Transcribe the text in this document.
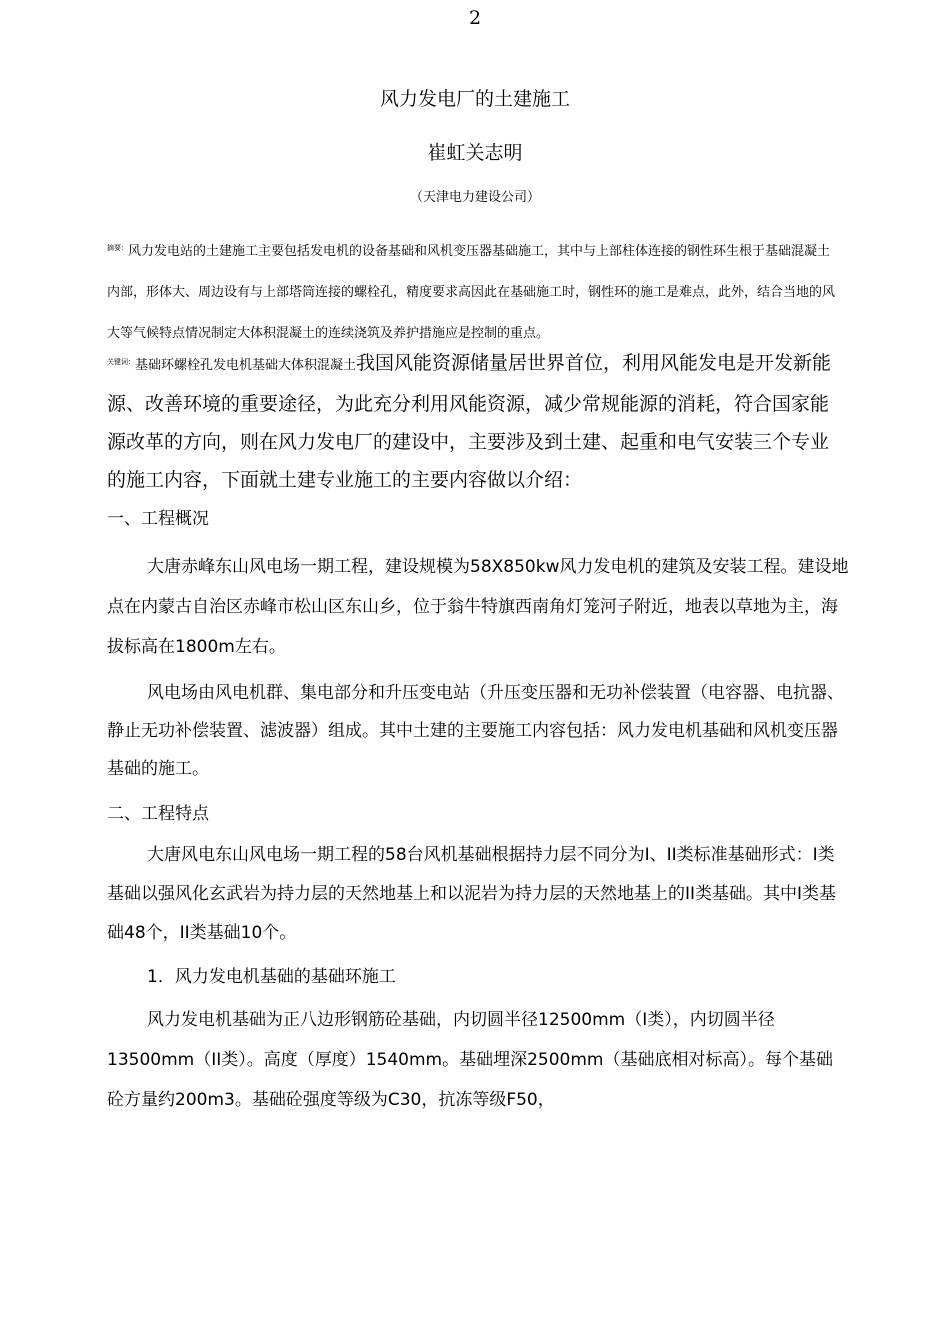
2
风力发电厂的土建施工
崔虹关志明
（天津电力建设公司）
$^{摘要:}$风力发电站的土建施工主要包括发电机的设备基础和风机变压器基础施工，其中与上部柱体连接的钢性环生根于基础混凝土内部，形体大、周边设有与上部塔筒连接的螺栓孔，精度要求高因此在基础施工时，钢性环的施工是难点，此外，结合当地的风大等气候特点情况制定大体积混凝土的连续浇筑及养护措施应是控制的重点。
$^{关键词:}$基础环螺栓孔发电机基础大体积混凝土我国风能资源储量居世界首位，利用风能发电是开发新能源、改善环境的重要途径，为此充分利用风能资源，减少常规能源的消耗，符合国家能源改革的方向，则在风力发电厂的建设中，主要涉及到土建、起重和电气安装三个专业的施工内容，下面就土建专业施工的主要内容做以介绍：

一、工程概况

大唐赤峰东山风电场一期工程，建设规模为58X850kw风力发电机的建筑及安装工程。建设地点在内蒙古自治区赤峰市松山区东山乡，位于翁牛特旗西南角灯笼河子附近，地表以草地为主，海拔标高在1800m左右。

风电场由风电机群、集电部分和升压变电站（升压变压器和无功补偿装置（电容器、电抗器、静止无功补偿装置、滤波器）组成。其中土建的主要施工内容包括：风力发电机基础和风机变压器基础的施工。

二、工程特点

大唐风电东山风电场一期工程的58台风机基础根据持力层不同分为I、II类标准基础形式：I类基础以强风化玄武岩为持力层的天然地基上和以泥岩为持力层的天然地基上的II类基础。其中I类基础48个，II类基础10个。

1．风力发电机基础的基础环施工

风力发电机基础为正八边形钢筋砼基础，内切圆半径12500mm（I类），内切圆半径13500mm（II类）。高度（厚度）1540mm。基础埋深2500mm（基础底相对标高）。每个基础砼方量约200m3。基础砼强度等级为C30，抗冻等级F50，
